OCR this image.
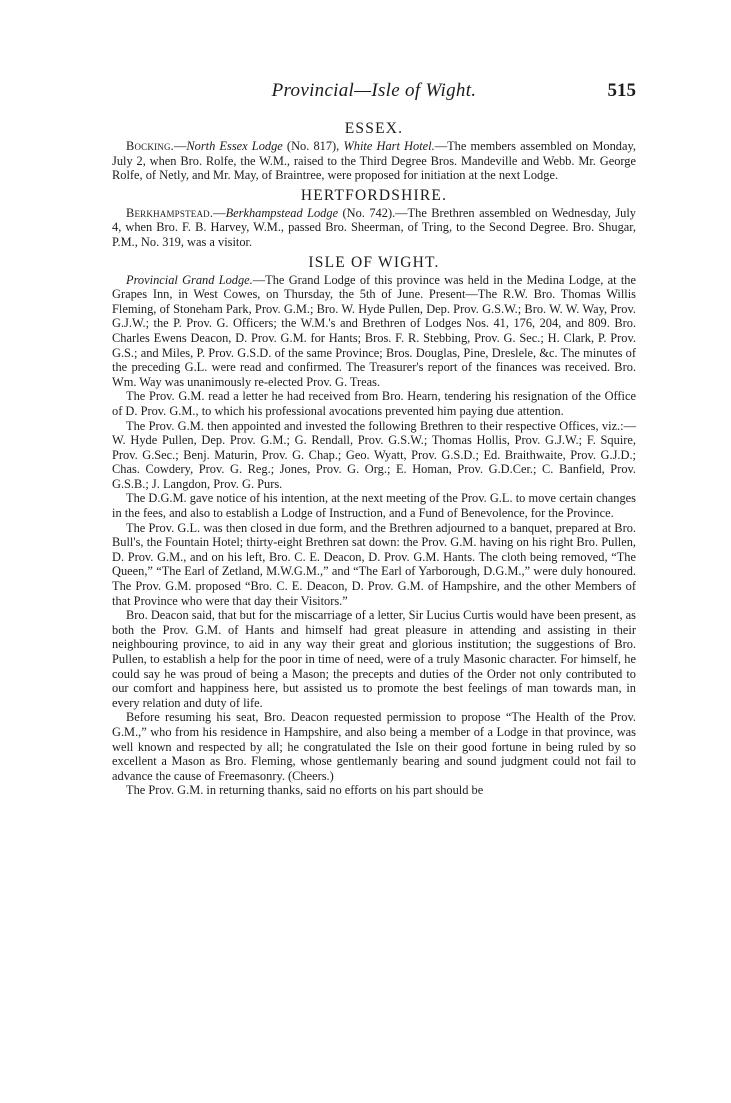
Provincial—Isle of Wight.	515
ESSEX.

Bocking.—North Essex Lodge (No. 817), White Hart Hotel.—The members assembled on Monday, July 2, when Bro. Rolfe, the W.M., raised to the Third Degree Bros. Mandeville and Webb. Mr. George Rolfe, of Netly, and Mr. May, of Braintree, were proposed for initiation at the next Lodge.

HERTFORDSHIRE.

Berkhampstead.—Berkhampstead Lodge (No. 742).—The Brethren assembled on Wednesday, July 4, when Bro. F. B. Harvey, W.M., passed Bro. Sheerman, of Tring, to the Second Degree. Bro. Shugar, P.M., No. 319, was a visitor.

ISLE OF WIGHT.

Provincial Grand Lodge.—The Grand Lodge of this province was held in the Medina Lodge, at the Grapes Inn, in West Cowes, on Thursday, the 5th of June. Present—The R.W. Bro. Thomas Willis Fleming, of Stoneham Park, Prov. G.M.; Bro. W. Hyde Pullen, Dep. Prov. G.S.W.; Bro. W. W. Way, Prov. G.J.W.; the P. Prov. G. Officers; the W.M.'s and Brethren of Lodges Nos. 41, 176, 204, and 809. Bro. Charles Ewens Deacon, D. Prov. G.M. for Hants; Bros. F. R. Stebbing, Prov. G. Sec.; H. Clark, P. Prov. G.S.; and Miles, P. Prov. G.S.D. of the same Province; Bros. Douglas, Pine, Dreslele, &c. The minutes of the preceding G.L. were read and confirmed. The Treasurer's report of the finances was received. Bro. Wm. Way was unanimously re-elected Prov. G. Treas.

The Prov. G.M. read a letter he had received from Bro. Hearn, tendering his resignation of the Office of D. Prov. G.M., to which his professional avocations prevented him paying due attention.

The Prov. G.M. then appointed and invested the following Brethren to their respective Offices, viz.:—W. Hyde Pullen, Dep. Prov. G.M.; G. Rendall, Prov. G.S.W.; Thomas Hollis, Prov. G.J.W.; F. Squire, Prov. G.Sec.; Benj. Maturin, Prov. G. Chap.; Geo. Wyatt, Prov. G.S.D.; Ed. Braithwaite, Prov. G.J.D.; Chas. Cowdery, Prov. G. Reg.; Jones, Prov. G. Org.; E. Homan, Prov. G.D.Cer.; C. Banfield, Prov. G.S.B.; J. Langdon, Prov. G. Purs.

The D.G.M. gave notice of his intention, at the next meeting of the Prov. G.L. to move certain changes in the fees, and also to establish a Lodge of Instruction, and a Fund of Benevolence, for the Province.

The Prov. G.L. was then closed in due form, and the Brethren adjourned to a banquet, prepared at Bro. Bull's, the Fountain Hotel; thirty-eight Brethren sat down: the Prov. G.M. having on his right Bro. Pullen, D. Prov. G.M., and on his left, Bro. C. E. Deacon, D. Prov. G.M. Hants. The cloth being removed, “The Queen,” “The Earl of Zetland, M.W.G.M.,” and “The Earl of Yarborough, D.G.M.,” were duly honoured. The Prov. G.M. proposed “Bro. C. E. Deacon, D. Prov. G.M. of Hampshire, and the other Members of that Province who were that day their Visitors.”

Bro. Deacon said, that but for the miscarriage of a letter, Sir Lucius Curtis would have been present, as both the Prov. G.M. of Hants and himself had great pleasure in attending and assisting in their neighbouring province, to aid in any way their great and glorious institution; the suggestions of Bro. Pullen, to establish a help for the poor in time of need, were of a truly Masonic character. For himself, he could say he was proud of being a Mason; the precepts and duties of the Order not only contributed to our comfort and happiness here, but assisted us to promote the best feelings of man towards man, in every relation and duty of life.

Before resuming his seat, Bro. Deacon requested permission to propose “The Health of the Prov. G.M.,” who from his residence in Hampshire, and also being a member of a Lodge in that province, was well known and respected by all; he congratulated the Isle on their good fortune in being ruled by so excellent a Mason as Bro. Fleming, whose gentlemanly bearing and sound judgment could not fail to advance the cause of Freemasonry. (Cheers.)

The Prov. G.M. in returning thanks, said no efforts on his part should be
